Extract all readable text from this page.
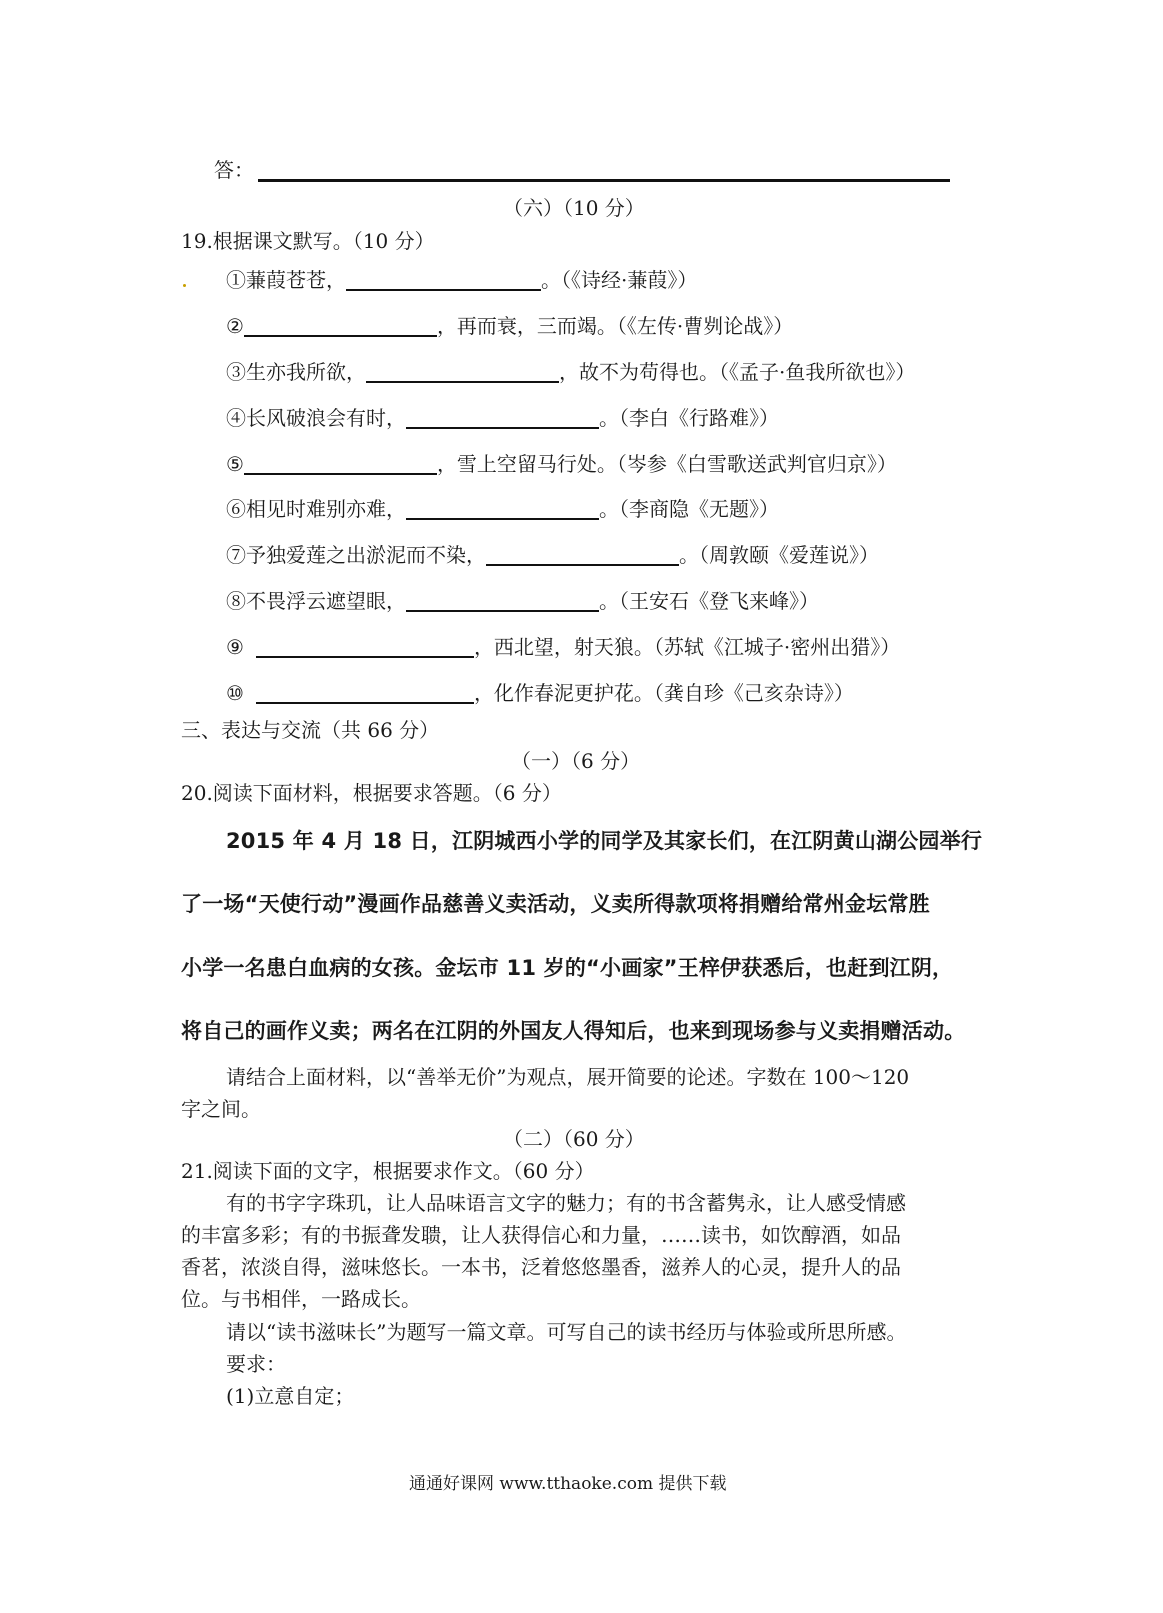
答：
（六）（10 分）
19.根据课文默写。（10 分）
①蒹葭苍苍，	。（《诗经·蒹葭》）
②	，再而衰，三而竭。（《左传·曹刿论战》）
③生亦我所欲，	，故不为苟得也。（《孟子·鱼我所欲也》）
④长风破浪会有时，	。（李白《行路难》）
⑤	，雪上空留马行处。（岑参《白雪歌送武判官归京》）
⑥相见时难别亦难，	。（李商隐《无题》）
⑦予独爱莲之出淤泥而不染，	。（周敦颐《爱莲说》）
⑧不畏浮云遮望眼，	。（王安石《登飞来峰》）
⑨	，西北望，射天狼。（苏轼《江城子·密州出猎》）
⑩	，化作春泥更护花。（龚自珍《己亥杂诗》）
三、表达与交流（共 66 分）
（一）（6 分）
20.阅读下面材料，根据要求答题。（6 分）
2015 年 4 月 18 日，江阴城西小学的同学及其家长们，在江阴黄山湖公园举行
了一场“天使行动”漫画作品慈善义卖活动，义卖所得款项将捐赠给常州金坛常胜
小学一名患白血病的女孩。金坛市 11 岁的“小画家”王梓伊获悉后，也赶到江阴，
将自己的画作义卖；两名在江阴的外国友人得知后，也来到现场参与义卖捐赠活动。
请结合上面材料，以“善举无价”为观点，展开简要的论述。字数在 100～120
字之间。
（二）（60 分）
21.阅读下面的文字，根据要求作文。（60 分）
有的书字字珠玑，让人品味语言文字的魅力；有的书含蓄隽永，让人感受情感
的丰富多彩；有的书振聋发聩，让人获得信心和力量，……读书，如饮醇酒，如品
香茗，浓淡自得，滋味悠长。一本书，泛着悠悠墨香，滋养人的心灵，提升人的品
位。与书相伴，一路成长。
请以“读书滋味长”为题写一篇文章。可写自己的读书经历与体验或所思所感。
要求：
(1)立意自定；
通通好课网 www.tthaoke.com 提供下载
